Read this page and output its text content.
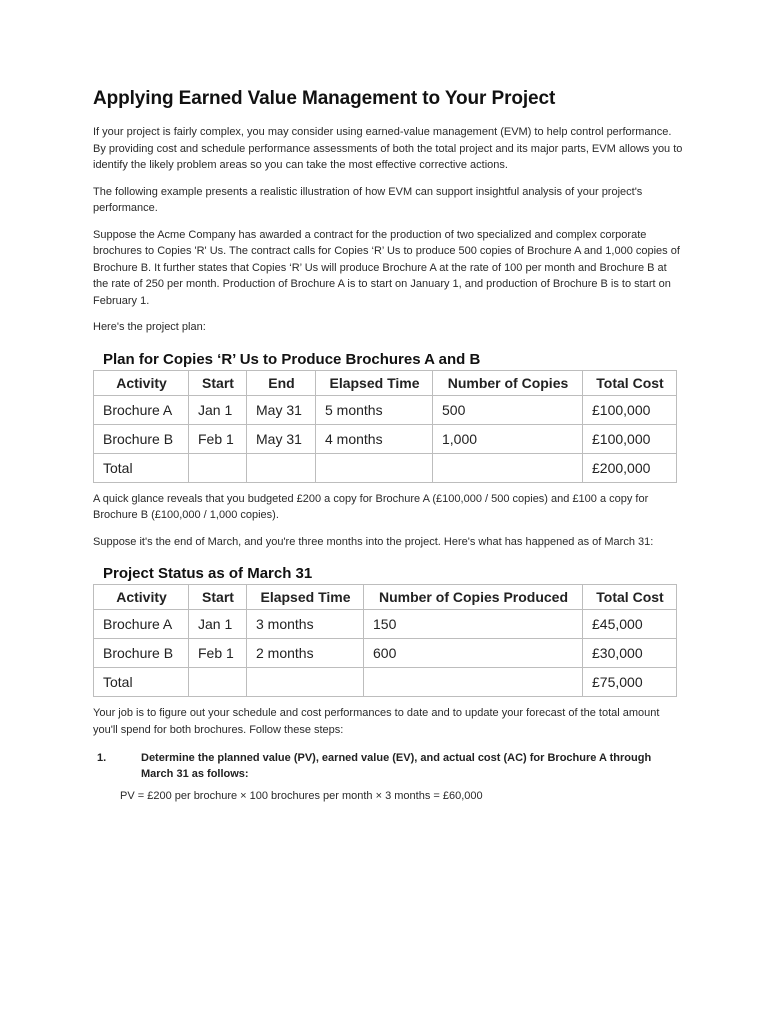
Applying Earned Value Management to Your Project

If your project is fairly complex, you may consider using earned-value management (EVM) to help control performance. By providing cost and schedule performance assessments of both the total project and its major parts, EVM allows you to identify the likely problem areas so you can take the most effective corrective actions.

The following example presents a realistic illustration of how EVM can support insightful analysis of your project's performance.

Suppose the Acme Company has awarded a contract for the production of two specialized and complex corporate brochures to Copies 'R' Us. The contract calls for Copies ‘R’ Us to produce 500 copies of Brochure A and 1,000 copies of Brochure B. It further states that Copies ‘R’ Us will produce Brochure A at the rate of 100 per month and Brochure B at the rate of 250 per month. Production of Brochure A is to start on January 1, and production of Brochure B is to start on February 1.

Here's the project plan:

Plan for Copies ‘R’ Us to Produce Brochures A and B
Activity	Start	End	Elapsed Time	Number of Copies	Total Cost
Brochure A	Jan 1	May 31	5 months	500	£100,000
Brochure B	Feb 1	May 31	4 months	1,000	£100,000
Total					£200,000

A quick glance reveals that you budgeted £200 a copy for Brochure A (£100,000 / 500 copies) and £100 a copy for Brochure B (£100,000 / 1,000 copies).

Suppose it's the end of March, and you're three months into the project. Here's what has happened as of March 31:

Project Status as of March 31
Activity	Start	Elapsed Time	Number of Copies Produced	Total Cost
Brochure A	Jan 1	3 months	150	£45,000
Brochure B	Feb 1	2 months	600	£30,000
Total				£75,000

Your job is to figure out your schedule and cost performances to date and to update your forecast of the total amount you'll spend for both brochures. Follow these steps:

1.	Determine the planned value (PV), earned value (EV), and actual cost (AC) for Brochure A through March 31 as follows:
PV = £200 per brochure × 100 brochures per month × 3 months = £60,000
